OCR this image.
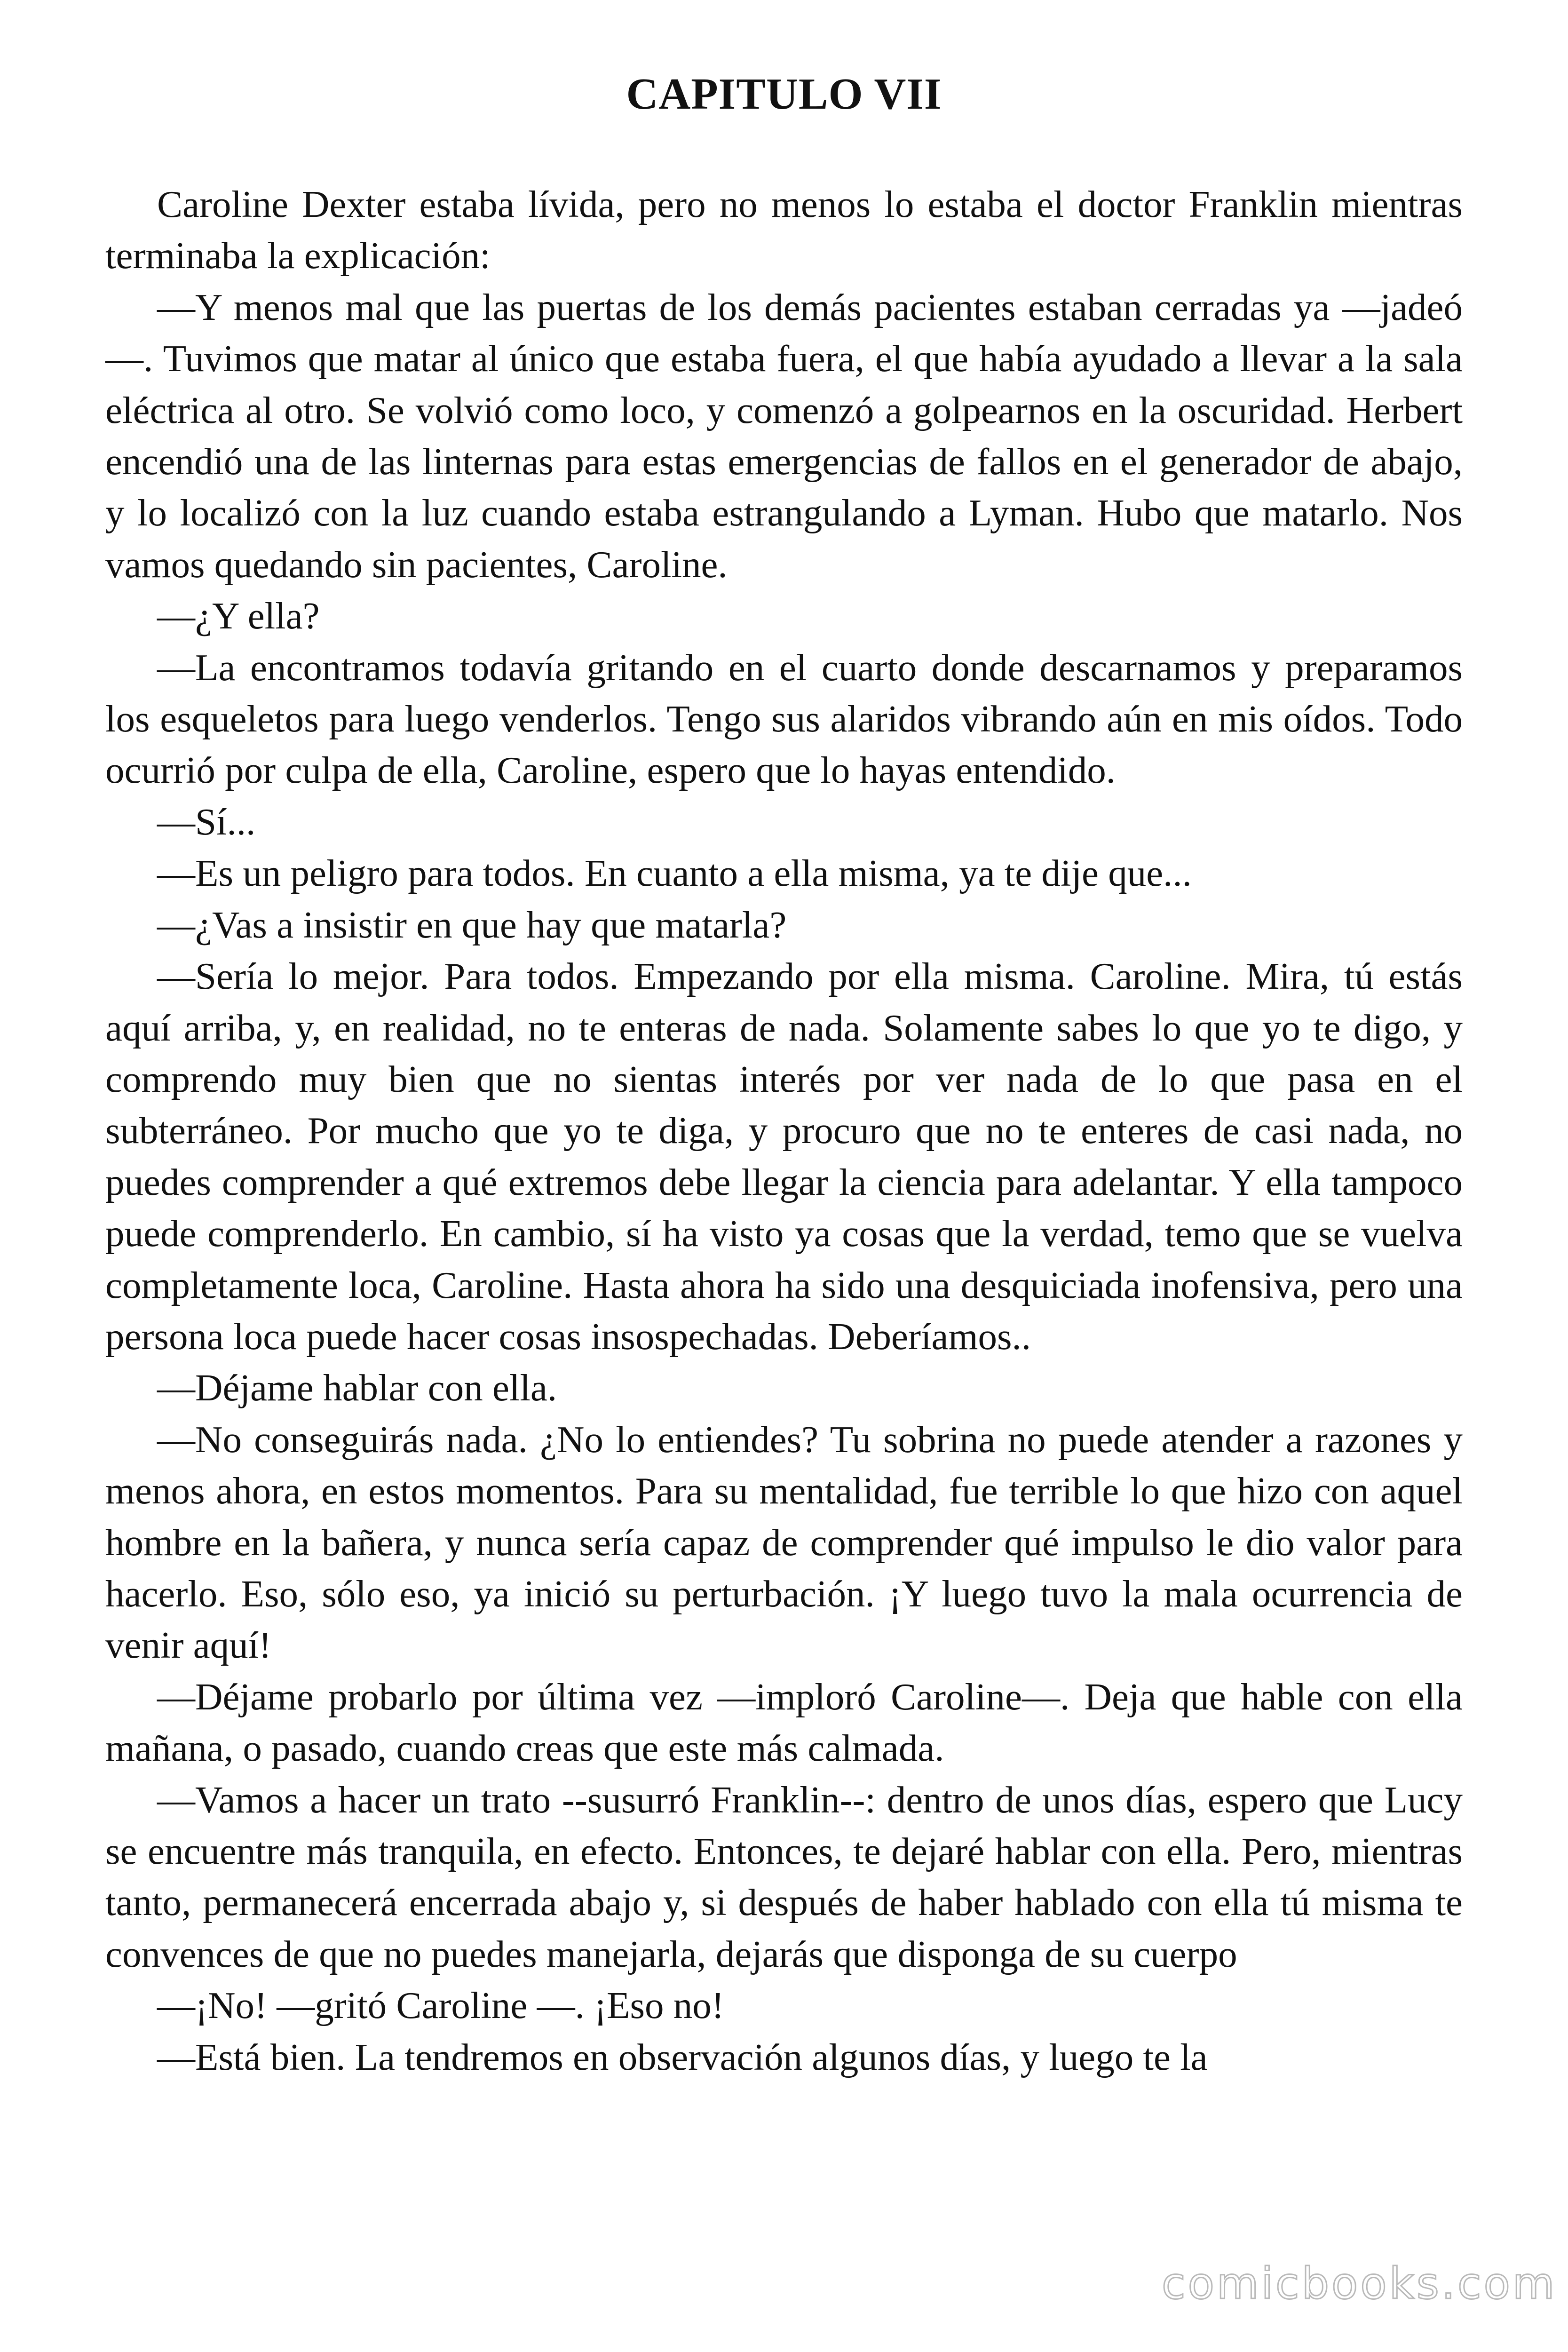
CAPITULO VII

Caroline Dexter estaba lívida, pero no menos lo estaba el doctor Franklin mientras terminaba la explicación:

—Y menos mal que las puertas de los demás pacientes estaban cerradas ya —jadeó—. Tuvimos que matar al único que estaba fuera, el que había ayudado a llevar a la sala eléctrica al otro. Se volvió como loco, y comenzó a golpearnos en la oscuridad. Herbert encendió una de las linternas para estas emergencias de fallos en el generador de abajo, y lo localizó con la luz cuando estaba estrangulando a Lyman. Hubo que matarlo. Nos vamos quedando sin pacientes, Caroline.

—¿Y ella?

—La encontramos todavía gritando en el cuarto donde descarnamos y preparamos los esqueletos para luego venderlos. Tengo sus alaridos vibrando aún en mis oídos. Todo ocurrió por culpa de ella, Caroline, espero que lo hayas entendido.

—Sí...

—Es un peligro para todos. En cuanto a ella misma, ya te dije que...

—¿Vas a insistir en que hay que matarla?

—Sería lo mejor. Para todos. Empezando por ella misma. Caroline. Mira, tú estás aquí arriba, y, en realidad, no te enteras de nada. Solamente sabes lo que yo te digo, y comprendo muy bien que no sientas interés por ver nada de lo que pasa en el subterráneo. Por mucho que yo te diga, y procuro que no te enteres de casi nada, no puedes comprender a qué extremos debe llegar la ciencia para adelantar. Y ella tampoco puede comprenderlo. En cambio, sí ha visto ya cosas que la verdad, temo que se vuelva completamente loca, Caroline. Hasta ahora ha sido una desquiciada inofensiva, pero una persona loca puede hacer cosas insospechadas. Deberíamos..

—Déjame hablar con ella.

—No conseguirás nada. ¿No lo entiendes? Tu sobrina no puede atender a razones y menos ahora, en estos momentos. Para su mentalidad, fue terrible lo que hizo con aquel hombre en la bañera, y nunca sería capaz de comprender qué impulso le dio valor para hacerlo. Eso, sólo eso, ya inició su perturbación. ¡Y luego tuvo la mala ocurrencia de venir aquí!

—Déjame probarlo por última vez —imploró Caroline—. Deja que hable con ella mañana, o pasado, cuando creas que este más calmada.

—Vamos a hacer un trato --susurró Franklin--: dentro de unos días, espero que Lucy se encuentre más tranquila, en efecto. Entonces, te dejaré hablar con ella. Pero, mientras tanto, permanecerá encerrada abajo y, si después de haber hablado con ella tú misma te convences de que no puedes manejarla, dejarás que disponga de su cuerpo

—¡No! —gritó Caroline —. ¡Eso no!

—Está bien. La tendremos en observación algunos días, y luego te la

comicbooks.com
